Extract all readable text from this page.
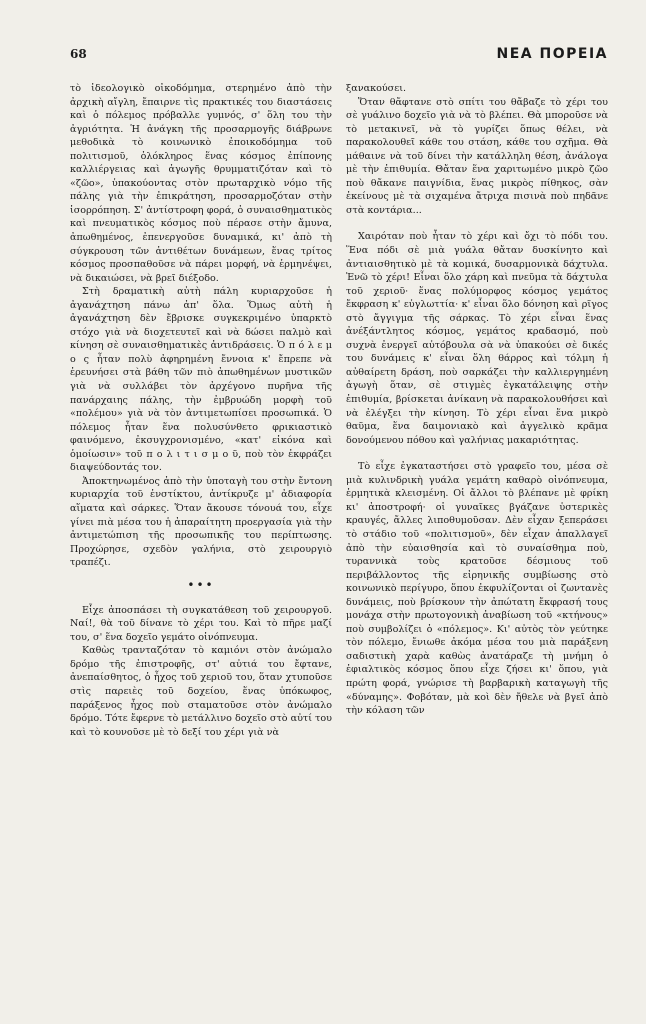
68	ΝΕΑ ΠΟΡΕΙΑ

τὸ ἰδεολογικὸ οἰκοδόμημα, στερημένο ἀπὸ τὴν ἀρχικὴ αἴγλη, ἔπαιρνε τὶς πρακτικές του διαστάσεις καὶ ὁ πόλεμος πρόβαλλε γυμνός, σ' ὅλη του τὴν ἀγριότητα. Ἡ ἀνάγκη τῆς προσαρμογῆς διάβρωνε μεθοδικὰ τὸ κοινωνικὸ ἐποικοδόμημα τοῦ πολιτισμοῦ, ὁλόκληρος ἕνας κόσμος ἐπίπονης καλλιέργειας καὶ ἀγωγῆς θρυμματιζόταν καὶ τὸ «ζῶο», ὑπακούοντας στὸν πρωταρχικὸ νόμο τῆς πάλης γιὰ τὴν ἐπικράτηση, προσαρμοζόταν στὴν ἰσορρόπηση. Σ' ἀντίστροφη φορά, ὁ συναισθηματικὸς καὶ πνευματικὸς κόσμος ποὺ πέρασε στὴν ἄμυνα, ἀπωθημένος, ἐπενεργοῦσε δυναμικά, κι' ἀπὸ τὴ σύγκρουση τῶν ἀντιθέτων δυνάμεων, ἕνας τρίτος κόσμος προσπαθοῦσε νὰ πάρει μορφή, νὰ ἑρμηνέψει, νὰ δικαιώσει, νὰ βρεῖ διέξοδο.

Στὴ δραματικὴ αὐτὴ πάλη κυριαρχοῦσε ἡ ἀγανάχτηση πάνω ἀπ' ὅλα. Ὅμως αὐτὴ ἡ ἀγανάχτηση δὲν ἔβρισκε συγκεκριμένο ὑπαρκτὸ στόχο γιὰ νὰ διοχετευτεῖ καὶ νὰ δώσει παλμὸ καὶ κίνηση σὲ συναισθηματικὲς ἀντιδράσεις. Ὁ π ό λ ε μ ο ς ἦταν πολὺ ἀφηρημένη ἔννοια κ' ἔπρεπε νὰ ἐρευνήσει στὰ βάθη τῶν πιὸ ἀπωθημένων μυστικῶν γιὰ νὰ συλλάβει τὸν ἀρχέγονο πυρῆνα τῆς πανάρχαιης πάλης, τὴν ἐμβρυώδη μορφὴ τοῦ «πολέμου» γιὰ νὰ τὸν ἀντιμετωπίσει προσωπικά. Ὁ πόλεμος ἦταν ἕνα πολυσύνθετο φρικιαστικὸ φαινόμενο, ἐκσυγχρονισμένο, «κατ' εἰκόνα καὶ ὁμοίωσιν» τοῦ π ο λ ι τ ι σ μ ο ῦ, ποὺ τὸν ἐκφράζει διαψεύδοντάς τον.

Ἀποκτηνωμένος ἀπὸ τὴν ὑποταγὴ του στὴν ἔντονη κυριαρχία τοῦ ἐνστίκτου, ἀντίκρυζε μ' ἀδιαφορία αἵματα καὶ σάρκες. Ὅταν ἄκουσε τόνουά του, εἶχε γίνει πιὰ μέσα του ἡ ἀπαραίτητη προεργασία γιὰ τὴν ἀντιμετώπιση τῆς προσωπικῆς του περίπτωσης. Προχώρησε, σχεδὸν γαλήνια, στὸ χειρουργιὸ τραπέζι.

•••

Εἶχε ἀποσπάσει τὴ συγκατάθεση τοῦ χειρουργοῦ. Ναί!, θὰ τοῦ δίνανε τὸ χέρι του. Καὶ τὸ πῆρε μαζί του, σ' ἕνα δοχεῖο γεμάτο οἰνόπνευμα.

Καθὼς τρανταζόταν τὸ καμιόνι στὸν ἀνώμαλο δρόμο τῆς ἐπιστροφῆς, στ' αὐτιά του ἔφτανε, ἀνεπαίσθητος, ὁ ἦχος τοῦ χεριοῦ του, ὅταν χτυποῦσε στὶς παρειὲς τοῦ δοχείου, ἕνας ὑπόκωφος, παράξενος ἦχος ποὺ σταματοῦσε στὸν ἀνώμαλο δρόμο. Τότε ἔφερνε τὸ μετάλλινο δοχεῖο στὸ αὐτί του καὶ τὸ κουνοῦσε μὲ τὸ δεξί του χέρι γιὰ νὰ

ξανακούσει.

Ὅταν θἄφτανε στὸ σπίτι του θἄβαζε τὸ χέρι του σὲ γυάλινο δοχεῖο γιὰ νὰ τὸ βλέπει. Θὰ μποροῦσε νὰ τὸ μετακινεῖ, νὰ τὸ γυρίζει ὅπως θέλει, νὰ παρακολουθεῖ κάθε του στάση, κάθε του σχῆμα. Θὰ μάθαινε νὰ τοῦ δίνει τὴν κατάλληλη θέση, ἀνάλογα μὲ τὴν ἐπιθυμία. Θἄταν ἕνα χαριτωμένο μικρὸ ζῶο ποὺ θἄκανε παιγνίδια, ἕνας μικρὸς πίθηκος, σὰν ἐκείνους μὲ τὰ σιχαμένα ἄτριχα πισινὰ ποὺ πηδᾶνε στὰ κοντάρια...

Χαιρόταν ποὺ ἦταν τὸ χέρι καὶ ὄχι τὸ πόδι του. Ἕνα πόδι σὲ μιὰ γυάλα θἄταν δυσκίνητο καὶ ἀντιαισθητικὸ μὲ τὰ κομικά, δυσαρμονικὰ δάχτυλα. Ἐνῶ τὸ χέρι! Εἶναι ὅλο χάρη καὶ πνεῦμα τὰ δάχτυλα τοῦ χεριοῦ· ἕνας πολύμορφος κόσμος γεμάτος ἔκφραση κ' εὐγλωττία· κ' εἶναι ὅλο δόνηση καὶ ρῖγος στὸ ἄγγιγμα τῆς σάρκας. Τὸ χέρι εἶναι ἕνας ἀνέξάντλητος κόσμος, γεμάτος κραδασμό, ποὺ συχνὰ ἐνεργεῖ αὐτόβουλα σὰ νὰ ὑπακούει σὲ δικές του δυνάμεις κ' εἶναι ὅλη θάρρος καὶ τόλμη ἡ αὐθαίρετη δράση, ποὺ σαρκάζει τὴν καλλιεργημένη ἀγωγὴ ὅταν, σὲ στιγμὲς ἐγκατάλειψης στὴν ἐπιθυμία, βρίσκεται ἀνίκανη νὰ παρακολουθήσει καὶ νὰ ἐλέγξει τὴν κίνηση. Τὸ χέρι εἶναι ἕνα μικρὸ θαῦμα, ἕνα δαιμονιακὸ καὶ ἀγγελικὸ κρᾶμα δονούμενου πόθου καὶ γαλήνιας μακαριότητας.

Τὸ εἶχε ἐγκαταστήσει στὸ γραφεῖο του, μέσα σὲ μιὰ κυλινδρικὴ γυάλα γεμάτη καθαρὸ οἰνόπνευμα, ἑρμητικὰ κλεισμένη. Οἱ ἄλλοι τὸ βλέπανε μὲ φρίκη κι' ἀποστροφή· οἱ γυναῖκες βγάζανε ὑστερικὲς κραυγές, ἄλλες λιποθυμοῦσαν. Δὲν εἶχαν ξεπεράσει τὸ στάδιο τοῦ «πολιτισμοῦ», δὲν εἶχαν ἀπαλλαγεῖ ἀπὸ τὴν εὐαισθησία καὶ τὸ συναίσθημα ποὺ, τυραννικὰ τοὺς κρατοῦσε δέσμιους τοῦ περιβάλλοντος τῆς εἰρηνικῆς συμβίωσης στὸ κοινωνικὸ περίγυρο, ὅπου ἐκφυλίζονται οἱ ζωντανὲς δυνάμεις, ποὺ βρίσκουν τὴν ἀπώτατη ἔκφρασή τους μονάχα στὴν πρωτογονικὴ ἀναβίωση τοῦ «κτήνους» ποὺ συμβολίζει ὁ «πόλεμος». Κι' αὐτὸς τὸν γεύτηκε τὸν πόλεμο, ἔνιωθε ἀκόμα μέσα του μιὰ παράξενη σαδιστικὴ χαρὰ καθὼς ἀνατάραζε τὴ μνήμη ὁ ἐφιαλτικὸς κόσμος ὅπου εἶχε ζήσει κι' ὅπου, γιὰ πρώτη φορά, γνώρισε τὴ βαρβαρικὴ καταγωγὴ τῆς «δύναμης». Φοβόταν, μὰ κοὶ δὲν ἤθελε νὰ βγεῖ ἀπὸ τὴν κόλαση τῶν
